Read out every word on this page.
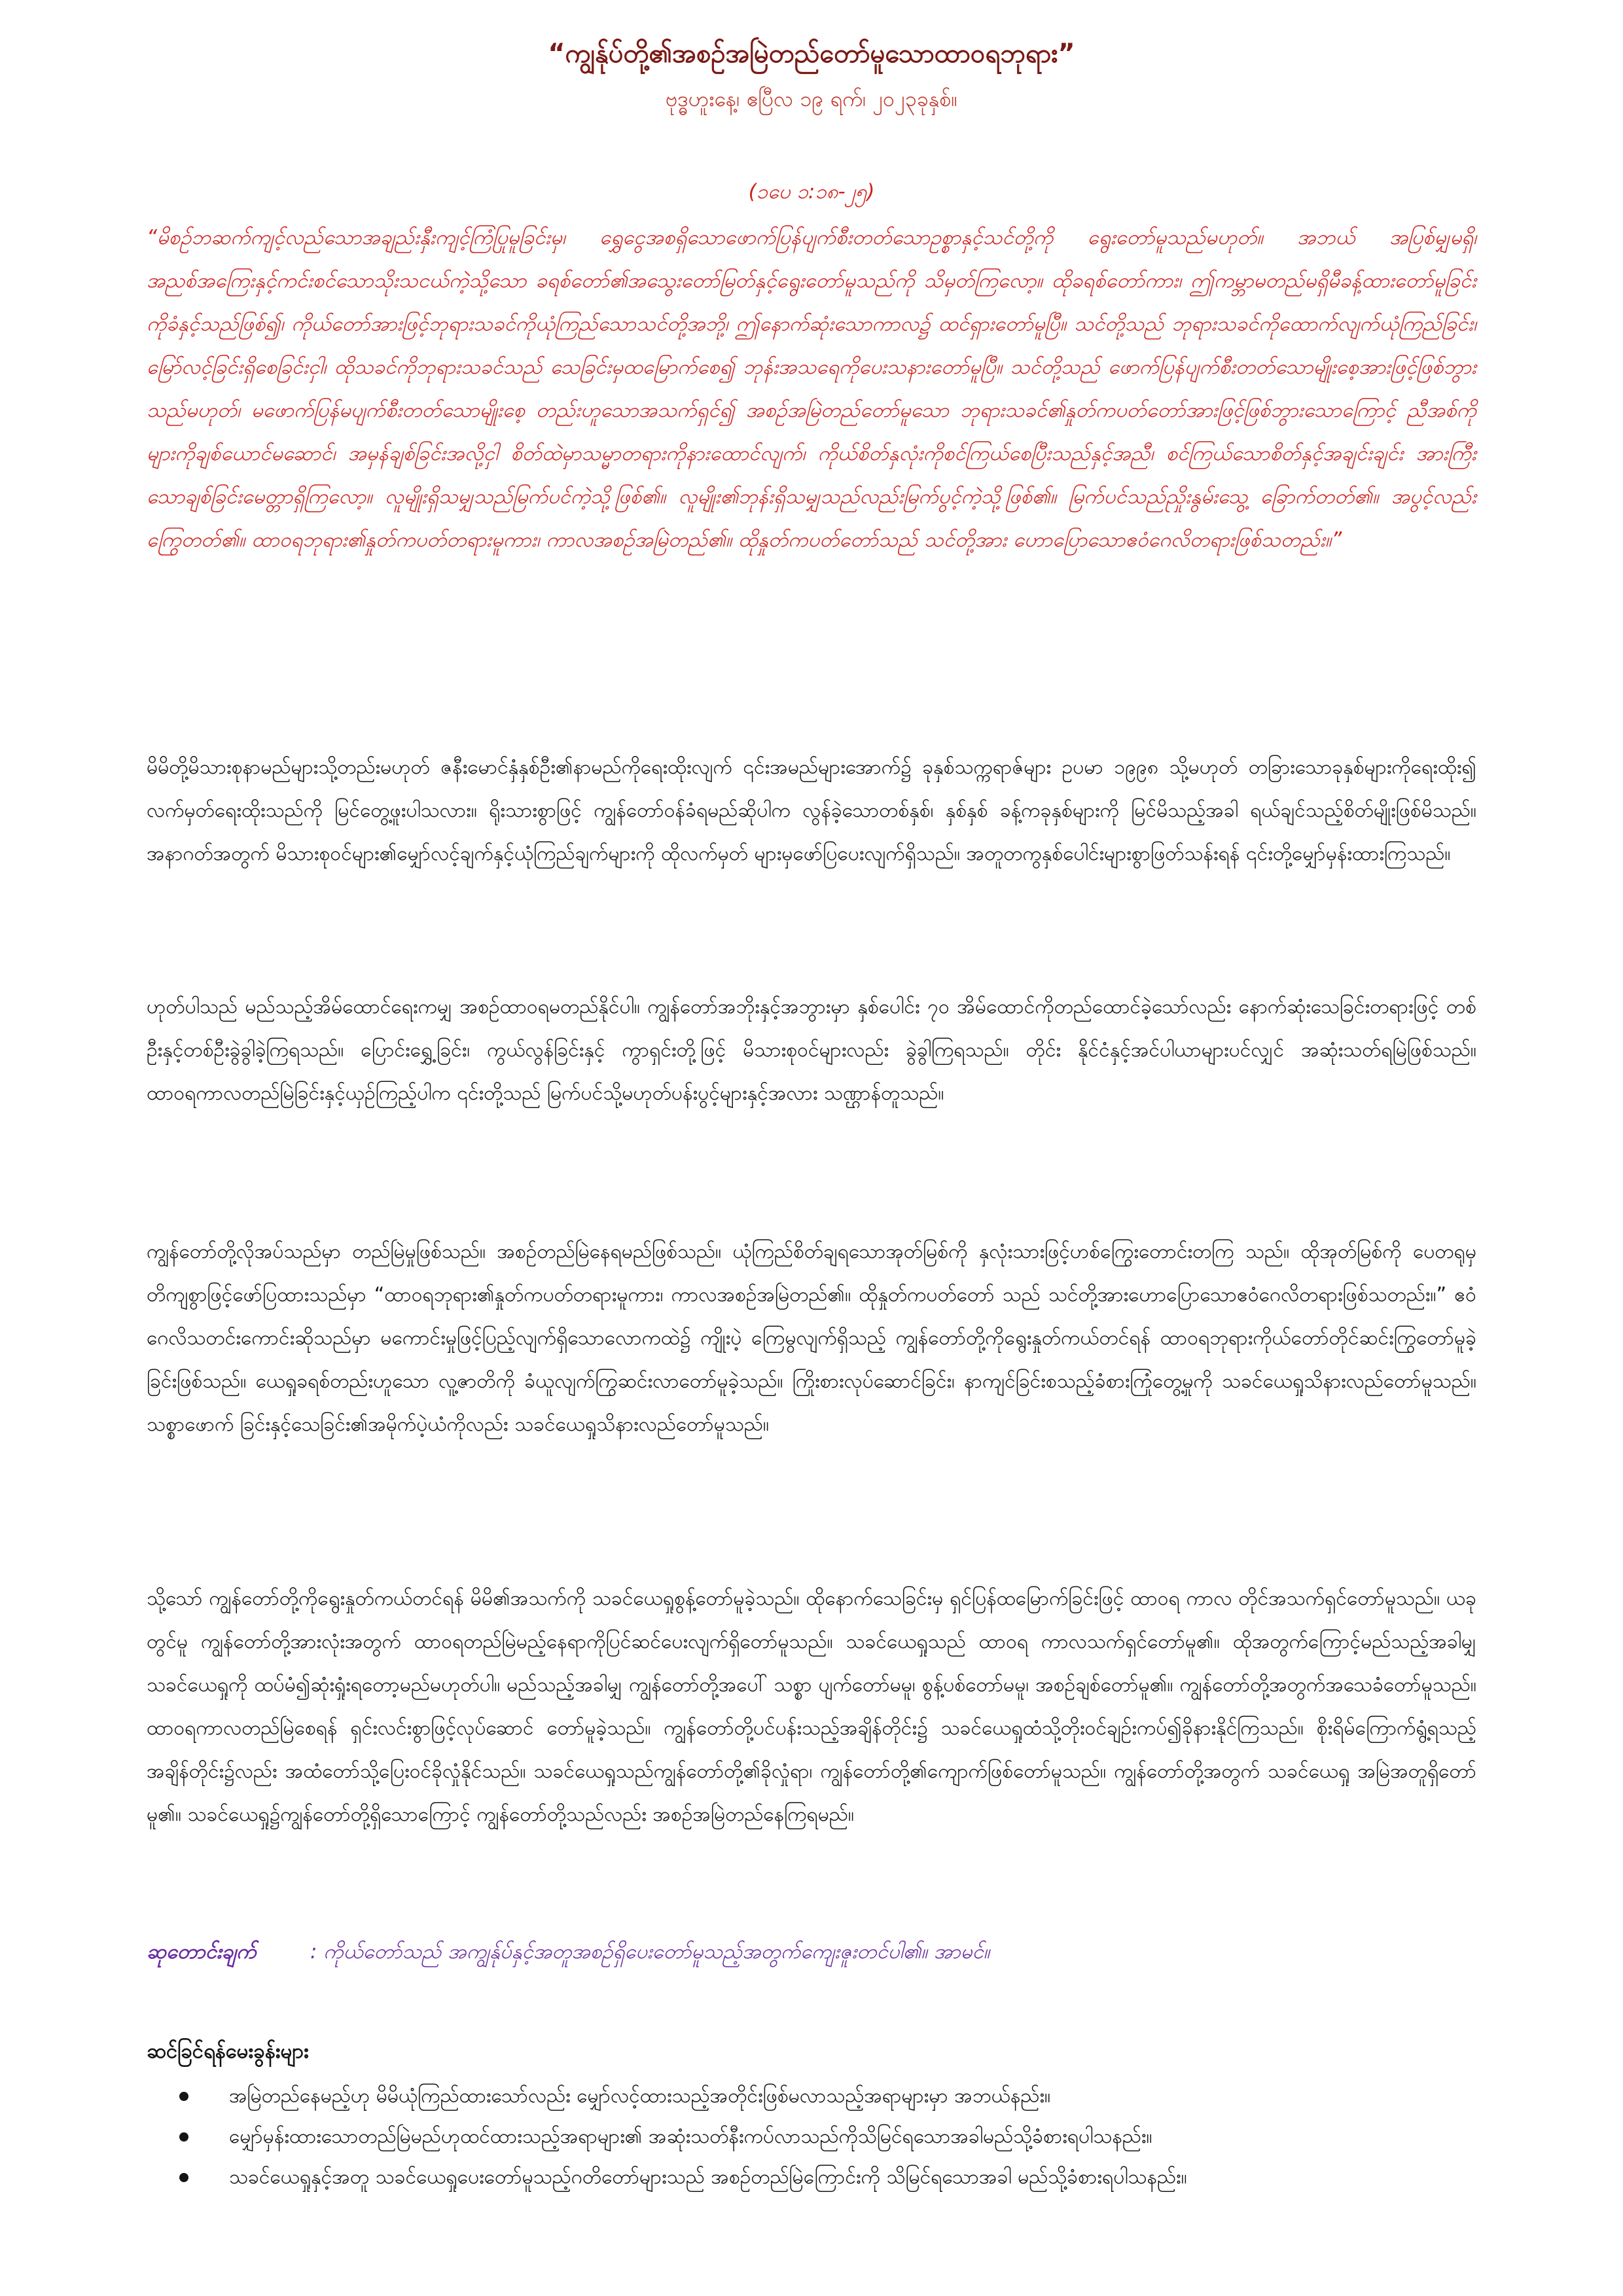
“ကျွန်ုပ်တို့၏အစဉ်အမြဲတည်တော်မူသောထာဝရဘုရား”
ဗုဒ္ဓဟူးနေ့၊ ဧပြီလ ၁၉ ရက်၊ ၂၀၂၃ခုနှစ်။
(၁ပေ ၁:၁၈-၂၅)

“မိစဉ်ဘဆက်ကျင့်လည်သောအချည်းနှီးကျင့်ကြံပြုမူခြင်းမှ၊ ရွှေငွေအစရှိသောဖောက်ပြန်ပျက်စီးတတ်သောဥစ္စာနှင့်သင်တို့ကို ရွေးတော်မူသည်မဟုတ်။ အဘယ် အပြစ်မျှမရှိ၊ အညစ်အကြေးနှင့်ကင်းစင်သောသိုးသငယ်ကဲ့သို့သော ခရစ်တော်၏အသွေးတော်မြတ်နှင့်ရွေးတော်မူသည်ကို သိမှတ်ကြလော့။ ထိုခရစ်တော်ကား၊ ဤကမ္ဘာမတည်မရှိမီခန့်ထားတော်မူခြင်းကိုခံနှင့်သည်ဖြစ်၍၊ ကိုယ်တော်အားဖြင့်ဘုရားသခင်ကိုယုံကြည်သောသင်တို့အဘို့၊ ဤနောက်ဆုံးသောကာလ၌ ထင်ရှားတော်မူပြီ။ သင်တို့သည် ဘုရားသခင်ကိုထောက်လျက်ယုံကြည်ခြင်း၊ မြော်လင့်ခြင်းရှိစေခြင်းငှါ၊ ထိုသခင်ကိုဘုရားသခင်သည် သေခြင်းမှထမြောက်စေ၍ ဘုန်းအသရေကိုပေးသနားတော်မူပြီ။ သင်တို့သည် ဖောက်ပြန်ပျက်စီးတတ်သောမျိုးစေ့အားဖြင့်ဖြစ်ဘွားသည်မဟုတ်၊ မဖောက်ပြန်မပျက်စီးတတ်သောမျိုးစေ့ တည်းဟူသောအသက်ရှင်၍ အစဉ်အမြဲတည်တော်မူသော ဘုရားသခင်၏နှုတ်ကပတ်တော်အားဖြင့်ဖြစ်ဘွားသောကြောင့် ညီအစ်ကိုများကိုချစ်ယောင်မဆောင်၊ အမှန်ချစ်ခြင်းအလို့ငှါ စိတ်ထဲမှာသမ္မာတရားကိုနားထောင်လျက်၊ ကိုယ်စိတ်နှလုံးကိုစင်ကြယ်စေပြီးသည်နှင့်အညီ၊ စင်ကြယ်သောစိတ်နှင့်အချင်းချင်း အားကြီးသောချစ်ခြင်းမေတ္တာရှိကြလော့။ လူမျိုးရှိသမျှသည်မြက်ပင်ကဲ့သို့ဖြစ်၏။ လူမျိုး၏ဘုန်းရှိသမျှသည်လည်းမြက်ပွင့်ကဲ့သို့ဖြစ်၏။ မြက်ပင်သည်ညှိုးနွမ်းသွေ့ ခြောက်တတ်၏။ အပွင့်လည်းကြွေတတ်၏။ ထာဝရဘုရား၏နှုတ်ကပတ်တရားမူကား၊ ကာလအစဉ်အမြဲတည်၏။ ထိုနှုတ်ကပတ်တော်သည် သင်တို့အား ဟောပြောသောဧဝံဂေလိတရားဖြစ်သတည်း။”

မိမိတို့မိသားစုနာမည်များသို့တည်းမဟုတ် ဇနီးမောင်နှံနှစ်ဦး၏နာမည်ကိုရေးထိုးလျက် ၎င်းအမည်များအောက်၌ ခုနှစ်သက္ကရာဇ်များ ဥပမာ ၁၉၉၈ သို့မဟုတ် တခြားသောခုနှစ်များကိုရေးထိုး၍ လက်မှတ်ရေးထိုးသည်ကို မြင်တွေ့ဖူးပါသလား။ ရိုးသားစွာဖြင့် ကျွန်တော်ဝန်ခံရမည်ဆိုပါက လွန်ခဲ့သောတစ်နှစ်၊ နှစ်နှစ် ခန့်ကခုနှစ်များကို မြင်မိသည့်အခါ ရယ်ချင်သည့်စိတ်မျိုးဖြစ်မိသည်။ အနာဂတ်အတွက် မိသားစုဝင်များ၏မျှော်လင့်ချက်နှင့်ယုံကြည်ချက်များကို ထိုလက်မှတ် များမှဖော်ပြပေးလျက်ရှိသည်။ အတူတကွနှစ်ပေါင်းများစွာဖြတ်သန်းရန် ၎င်းတို့မျှော်မှန်းထားကြသည်။

ဟုတ်ပါသည် မည်သည့်အိမ်ထောင်ရေးကမျှ အစဉ်ထာဝရမတည်နိုင်ပါ။ ကျွန်တော်အဘိုးနှင့်အဘွားမှာ နှစ်ပေါင်း ၇၀ အိမ်ထောင်ကိုတည်ထောင်ခဲ့သော်လည်း နောက်ဆုံးသေခြင်းတရားဖြင့် တစ်ဦးနှင့်တစ်ဦးခွဲခွါခဲ့ကြရသည်။ ပြောင်းရွှေ့ခြင်း၊ ကွယ်လွန်ခြင်းနှင့် ကွာရှင်းတို့ဖြင့် မိသားစုဝင်များလည်း ခွဲခွါကြရသည်။ တိုင်း နိုင်ငံနှင့်အင်ပါယာများပင်လျှင် အဆုံးသတ်ရမြဲဖြစ်သည်။ ထာဝရကာလတည်မြဲခြင်းနှင့်ယှဉ်ကြည့်ပါက ၎င်းတို့သည် မြက်ပင်သို့မဟုတ်ပန်းပွင့်များနှင့်အလား သဏ္ဌာန်တူသည်။

ကျွန်တော်တို့လိုအပ်သည်မှာ တည်မြဲမှုဖြစ်သည်။ အစဉ်တည်မြဲနေရမည်ဖြစ်သည်။ ယုံကြည်စိတ်ချရသောအုတ်မြစ်ကို နှလုံးသားဖြင့်ဟစ်ကြွေးတောင်းတကြ သည်။ ထိုအုတ်မြစ်ကို ပေတရုမှတိကျစွာဖြင့်ဖော်ပြထားသည်မှာ “ထာဝရဘုရား၏နှုတ်ကပတ်တရားမူကား၊ ကာလအစဉ်အမြဲတည်၏။ ထိုနှုတ်ကပတ်တော် သည် သင်တို့အားဟောပြောသောဧဝံဂေလိတရားဖြစ်သတည်း။” ဧဝံဂေလိသတင်းကောင်းဆိုသည်မှာ မကောင်းမှုဖြင့်ပြည့်လျက်ရှိသောလောကထဲ၌ ကျိုးပဲ့ ကြေမွလျက်ရှိသည့် ကျွန်တော်တို့ကိုရွေးနှုတ်ကယ်တင်ရန် ထာဝရဘုရားကိုယ်တော်တိုင်ဆင်းကြွတော်မူခဲ့ခြင်းဖြစ်သည်။ ယေရှုခရစ်တည်းဟူသော လူ့ဇာတိကို ခံယူလျက်ကြွဆင်းလာတော်မူခဲ့သည်။ ကြိုးစားလုပ်ဆောင်ခြင်း၊ နာကျင်ခြင်းစသည့်ခံစားကြုံတွေ့မှုကို သခင်ယေရှုသိနားလည်တော်မူသည်။ သစ္စာဖောက် ခြင်းနှင့်သေခြင်း၏အမိုက်ပဲ့ယံကိုလည်း သခင်ယေရှုသိနားလည်တော်မူသည်။

သို့သော် ကျွန်တော်တို့ကိုရွေးနှုတ်ကယ်တင်ရန် မိမိ၏အသက်ကို သခင်ယေရှုစွန့်တော်မူခဲ့သည်။ ထိုနောက်သေခြင်းမှ ရှင်ပြန်ထမြောက်ခြင်းဖြင့် ထာဝရ ကာလ တိုင်အသက်ရှင်တော်မူသည်။ ယခုတွင်မူ ကျွန်တော်တို့အားလုံးအတွက် ထာဝရတည်မြဲမည့်နေရာကိုပြင်ဆင်ပေးလျက်ရှိတော်မူသည်။ သခင်ယေရှုသည် ထာဝရ ကာလသက်ရှင်တော်မူ၏။ ထိုအတွက်ကြောင့်မည်သည့်အခါမျှ သခင်ယေရှုကို ထပ်မံ၍ဆုံးရှုံးရတော့မည်မဟုတ်ပါ။ မည်သည့်အခါမျှ ကျွန်တော်တို့အပေါ် သစ္စာ ပျက်တော်မမူ၊ စွန့်ပစ်တော်မမူ၊ အစဉ်ချစ်တော်မူ၏။ ကျွန်တော်တို့အတွက်အသေခံတော်မူသည်။ ထာဝရကာလတည်မြဲစေရန် ရှင်းလင်းစွာဖြင့်လုပ်ဆောင် တော်မူခဲ့သည်။ ကျွန်တော်တို့ပင်ပန်းသည့်အချိန်တိုင်း၌ သခင်ယေရှုထံသို့တိုးဝင်ချဉ်းကပ်၍ခိုနားနိုင်ကြသည်။ စိုးရိမ်ကြောက်ရွံ့ရသည့်အချိန်တိုင်း၌လည်း အထံတော်သို့ပြေးဝင်ခိုလှုံနိုင်သည်။ သခင်ယေရှုသည်ကျွန်တော်တို့၏ခိုလှုံရာ၊ ကျွန်တော်တို့၏ကျောက်ဖြစ်တော်မူသည်။ ကျွန်တော်တို့အတွက် သခင်ယေရှု အမြဲအတူရှိတော်မူ၏။ သခင်ယေရှု၌ကျွန်တော်တို့ရှိသောကြောင့် ကျွန်တော်တို့သည်လည်း အစဉ်အမြဲတည်နေကြရမည်။

ဆုတောင်းချက်	: ကိုယ်တော်သည် အကျွန်ုပ်နှင့်အတူအစဉ်ရှိပေးတော်မူသည့်အတွက်ကျေးဇူးတင်ပါ၏။ အာမင်။
ဆင်ခြင်ရန်မေးခွန်းများ
အမြဲတည်နေမည့်ဟု မိမိယုံကြည်ထားသော်လည်း မျှော်လင့်ထားသည့်အတိုင်းဖြစ်မလာသည့်အရာများမှာ အဘယ်နည်း။
မျှော်မှန်းထားသောတည်မြဲမည်ဟုထင်ထားသည့်အရာများ၏ အဆုံးသတ်နီးကပ်လာသည်ကိုသိမြင်ရသောအခါမည်သို့ခံစားရပါသနည်း။
သခင်ယေရှုနှင့်အတူ သခင်ယေရှုပေးတော်မူသည့်ဂတိတော်များသည် အစဉ်တည်မြဲကြောင်းကို သိမြင်ရသောအခါ မည်သို့ခံစားရပါသနည်း။
